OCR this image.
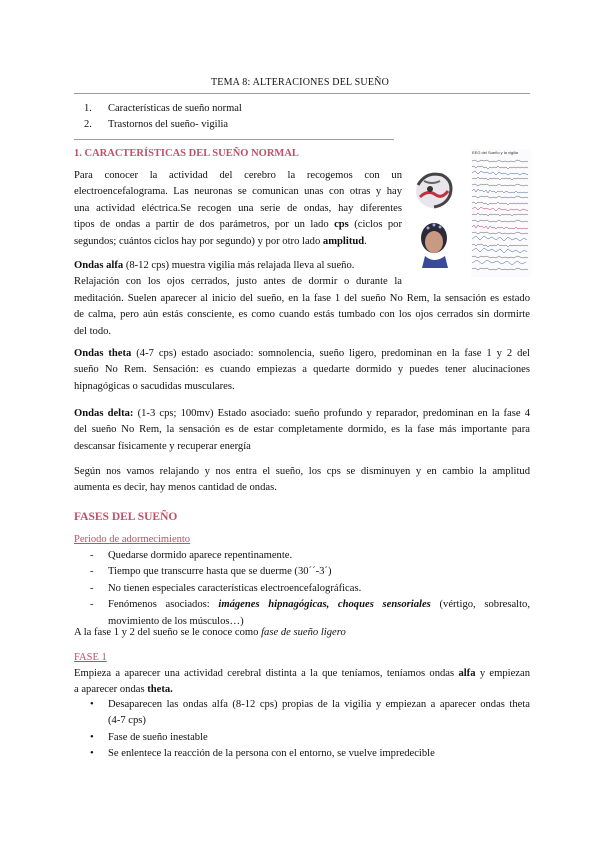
TEMA 8: ALTERACIONES DEL SUEÑO
1. Características de sueño normal
2. Trastornos del sueño- vigilia
1. CARACTERÍSTICAS DEL SUEÑO NORMAL	EEG del Sueño y la vigilia
Para conocer la actividad del cerebro la recogemos con un
electroencefalograma. Las neuronas se comunican unas con otras y hay
una actividad eléctrica.Se recogen una serie de ondas, hay diferentes
tipos de ondas a partir de dos parámetros, por un lado cps (ciclos por
segundos; cuántos ciclos hay por segundo) y por otro lado amplitud.
Ondas alfa (8-12 cps) muestra vigilia más relajada lleva al sueño.
Relajación con los ojos cerrados, justo antes de dormir o durante la
meditación. Suelen aparecer al inicio del sueño, en la fase 1 del sueño No Rem, la sensación es estado
de calma, pero aún estás consciente, es como cuando estás tumbado con los ojos cerrados sin dormirte
del todo.
Ondas theta (4-7 cps) estado asociado: somnolencia, sueño ligero, predominan en la fase 1 y 2 del
sueño No Rem. Sensación: es cuando empiezas a quedarte dormido y puedes tener alucinaciones
hipnagógicas o sacudidas musculares.
Ondas delta: (1-3 cps; 100mv) Estado asociado: sueño profundo y reparador, predominan en la fase 4
del sueño No Rem, la sensación es de estar completamente dormido, es la fase más importante para
descansar físicamente y recuperar energía
Según nos vamos relajando y nos entra el sueño, los cps se disminuyen y en cambio la amplitud
aumenta es decir, hay menos cantidad de ondas.
FASES DEL SUEÑO
Periodo de adormecimiento
- Quedarse dormido aparece repentinamente.
- Tiempo que transcurre hasta que se duerme (30´´-3´)
- No tienen especiales características electroencefalográficas.
- Fenómenos asociados: imágenes hipnagógicas, choques sensoriales (vértigo, sobresalto,
movimiento de los músculos…)
A la fase 1 y 2 del sueño se le conoce como fase de sueño ligero
FASE 1
Empieza a aparecer una actividad cerebral distinta a la que teníamos, teníamos ondas alfa y empiezan
a aparecer ondas theta.
• Desaparecen las ondas alfa (8-12 cps) propias de la vigilia y empiezan a aparecer ondas theta
(4-7 cps)
• Fase de sueño inestable
• Se enlentece la reacción de la persona con el entorno, se vuelve impredecible
